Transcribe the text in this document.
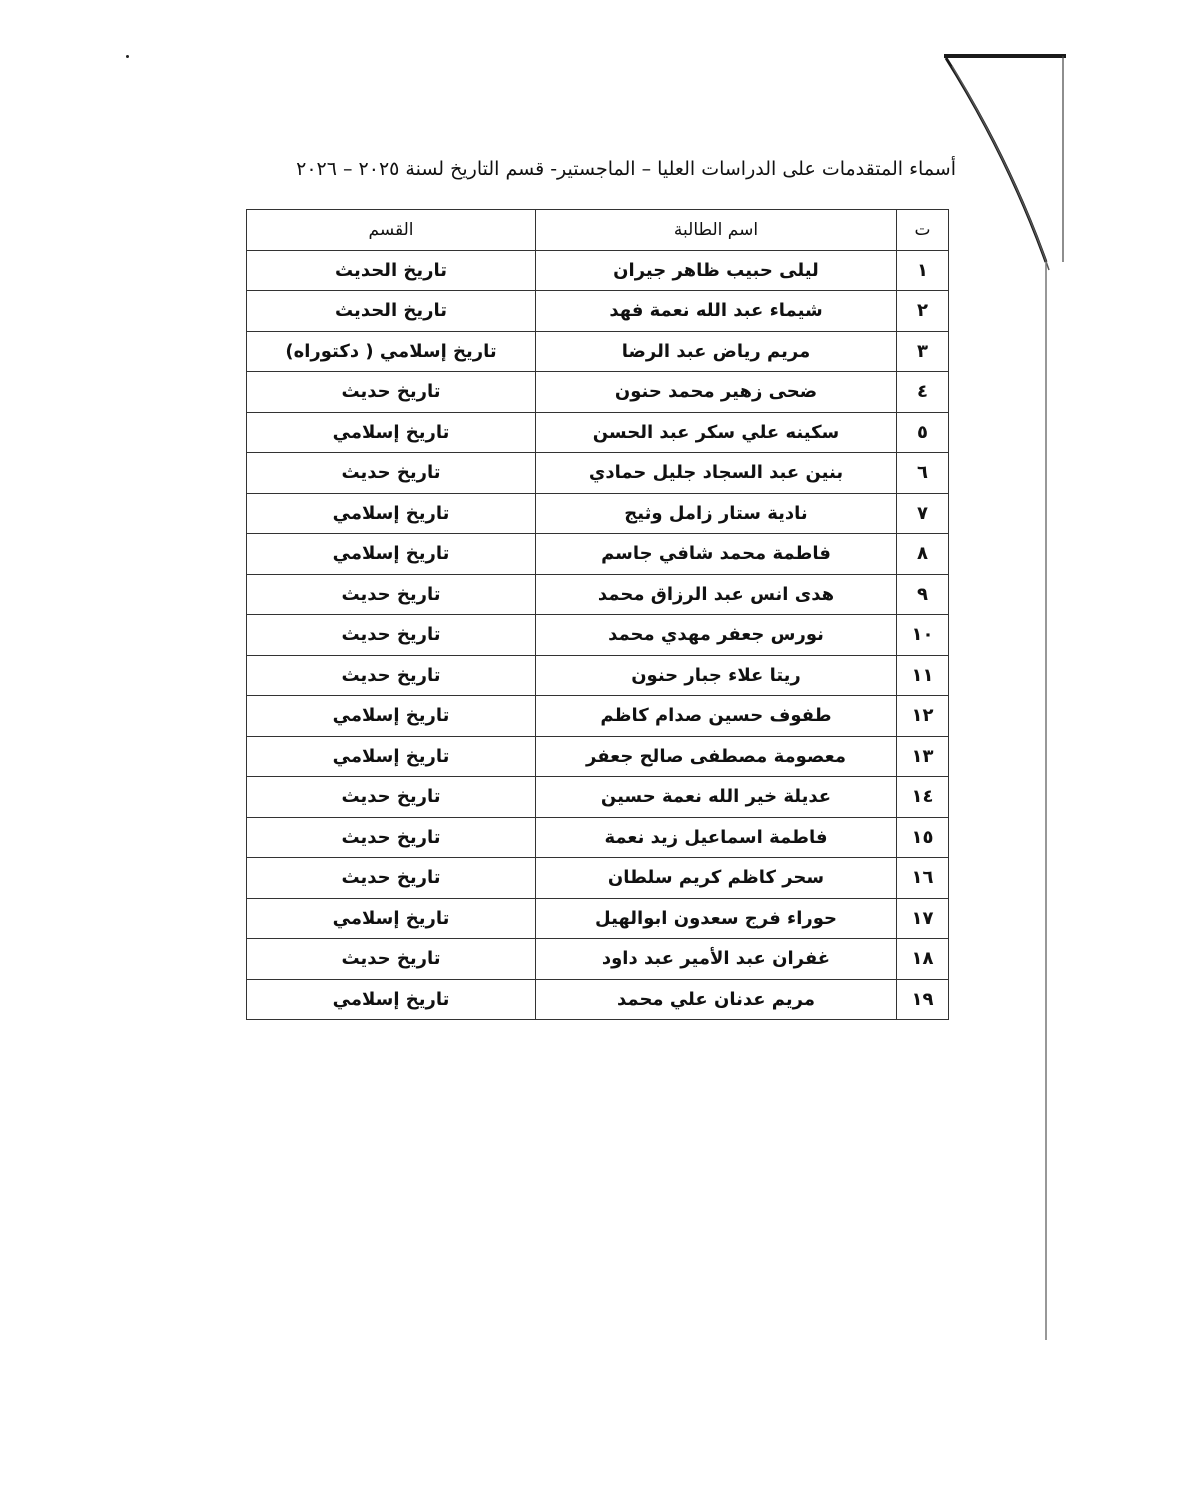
أسماء المتقدمات على الدراسات العليا – الماجستير- قسم التاريخ لسنة ٢٠٢٥ – ٢٠٢٦
ت	اسم الطالبة	القسم
١	ليلى حبيب ظاهر جيران	تاريخ الحديث
٢	شيماء عبد الله نعمة فهد	تاريخ الحديث
٣	مريم رياض عبد الرضا	تاريخ إسلامي ( دكتوراه)
٤	ضحى زهير محمد حنون	تاريخ حديث
٥	سكينه علي سكر عبد الحسن	تاريخ إسلامي
٦	بنين عبد السجاد جليل حمادي	تاريخ حديث
٧	نادية ستار زامل وثيج	تاريخ إسلامي
٨	فاطمة محمد شافي جاسم	تاريخ إسلامي
٩	هدى انس عبد الرزاق محمد	تاريخ حديث
١٠	نورس جعفر مهدي محمد	تاريخ حديث
١١	ريتا علاء جبار حنون	تاريخ حديث
١٢	طفوف حسين صدام كاظم	تاريخ إسلامي
١٣	معصومة مصطفى صالح جعفر	تاريخ إسلامي
١٤	عديلة خير الله نعمة حسين	تاريخ حديث
١٥	فاطمة اسماعيل زيد نعمة	تاريخ حديث
١٦	سحر كاظم كريم سلطان	تاريخ حديث
١٧	حوراء فرج سعدون ابوالهيل	تاريخ إسلامي
١٨	غفران عبد الأمير عبد داود	تاريخ حديث
١٩	مريم عدنان علي محمد	تاريخ إسلامي
